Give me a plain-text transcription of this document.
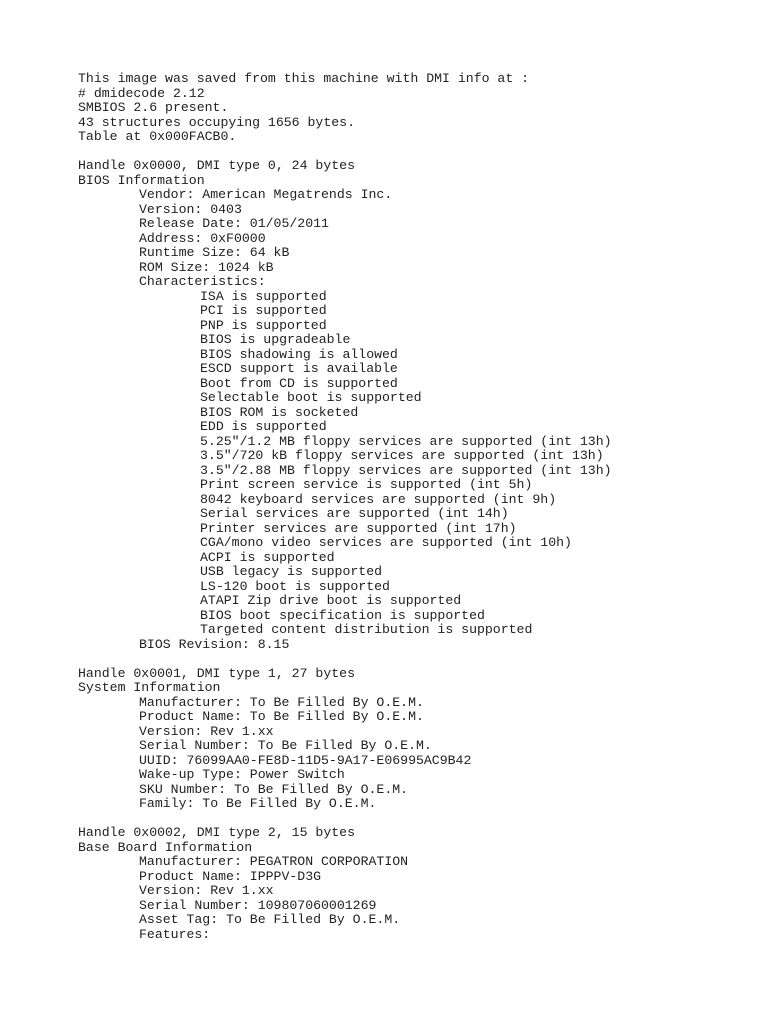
This image was saved from this machine with DMI info at :
# dmidecode 2.12
SMBIOS 2.6 present.
43 structures occupying 1656 bytes.
Table at 0x000FACB0.
Handle 0x0000, DMI type 0, 24 bytes
BIOS Information
Vendor: American Megatrends Inc.
Version: 0403
Release Date: 01/05/2011
Address: 0xF0000
Runtime Size: 64 kB
ROM Size: 1024 kB
Characteristics:
ISA is supported
PCI is supported
PNP is supported
BIOS is upgradeable
BIOS shadowing is allowed
ESCD support is available
Boot from CD is supported
Selectable boot is supported
BIOS ROM is socketed
EDD is supported
5.25"/1.2 MB floppy services are supported (int 13h)
3.5"/720 kB floppy services are supported (int 13h)
3.5"/2.88 MB floppy services are supported (int 13h)
Print screen service is supported (int 5h)
8042 keyboard services are supported (int 9h)
Serial services are supported (int 14h)
Printer services are supported (int 17h)
CGA/mono video services are supported (int 10h)
ACPI is supported
USB legacy is supported
LS-120 boot is supported
ATAPI Zip drive boot is supported
BIOS boot specification is supported
Targeted content distribution is supported
BIOS Revision: 8.15
Handle 0x0001, DMI type 1, 27 bytes
System Information
Manufacturer: To Be Filled By O.E.M.
Product Name: To Be Filled By O.E.M.
Version: Rev 1.xx
Serial Number: To Be Filled By O.E.M.
UUID: 76099AA0-FE8D-11D5-9A17-E06995AC9B42
Wake-up Type: Power Switch
SKU Number: To Be Filled By O.E.M.
Family: To Be Filled By O.E.M.
Handle 0x0002, DMI type 2, 15 bytes
Base Board Information
Manufacturer: PEGATRON CORPORATION
Product Name: IPPPV-D3G
Version: Rev 1.xx
Serial Number: 109807060001269
Asset Tag: To Be Filled By O.E.M.
Features:
